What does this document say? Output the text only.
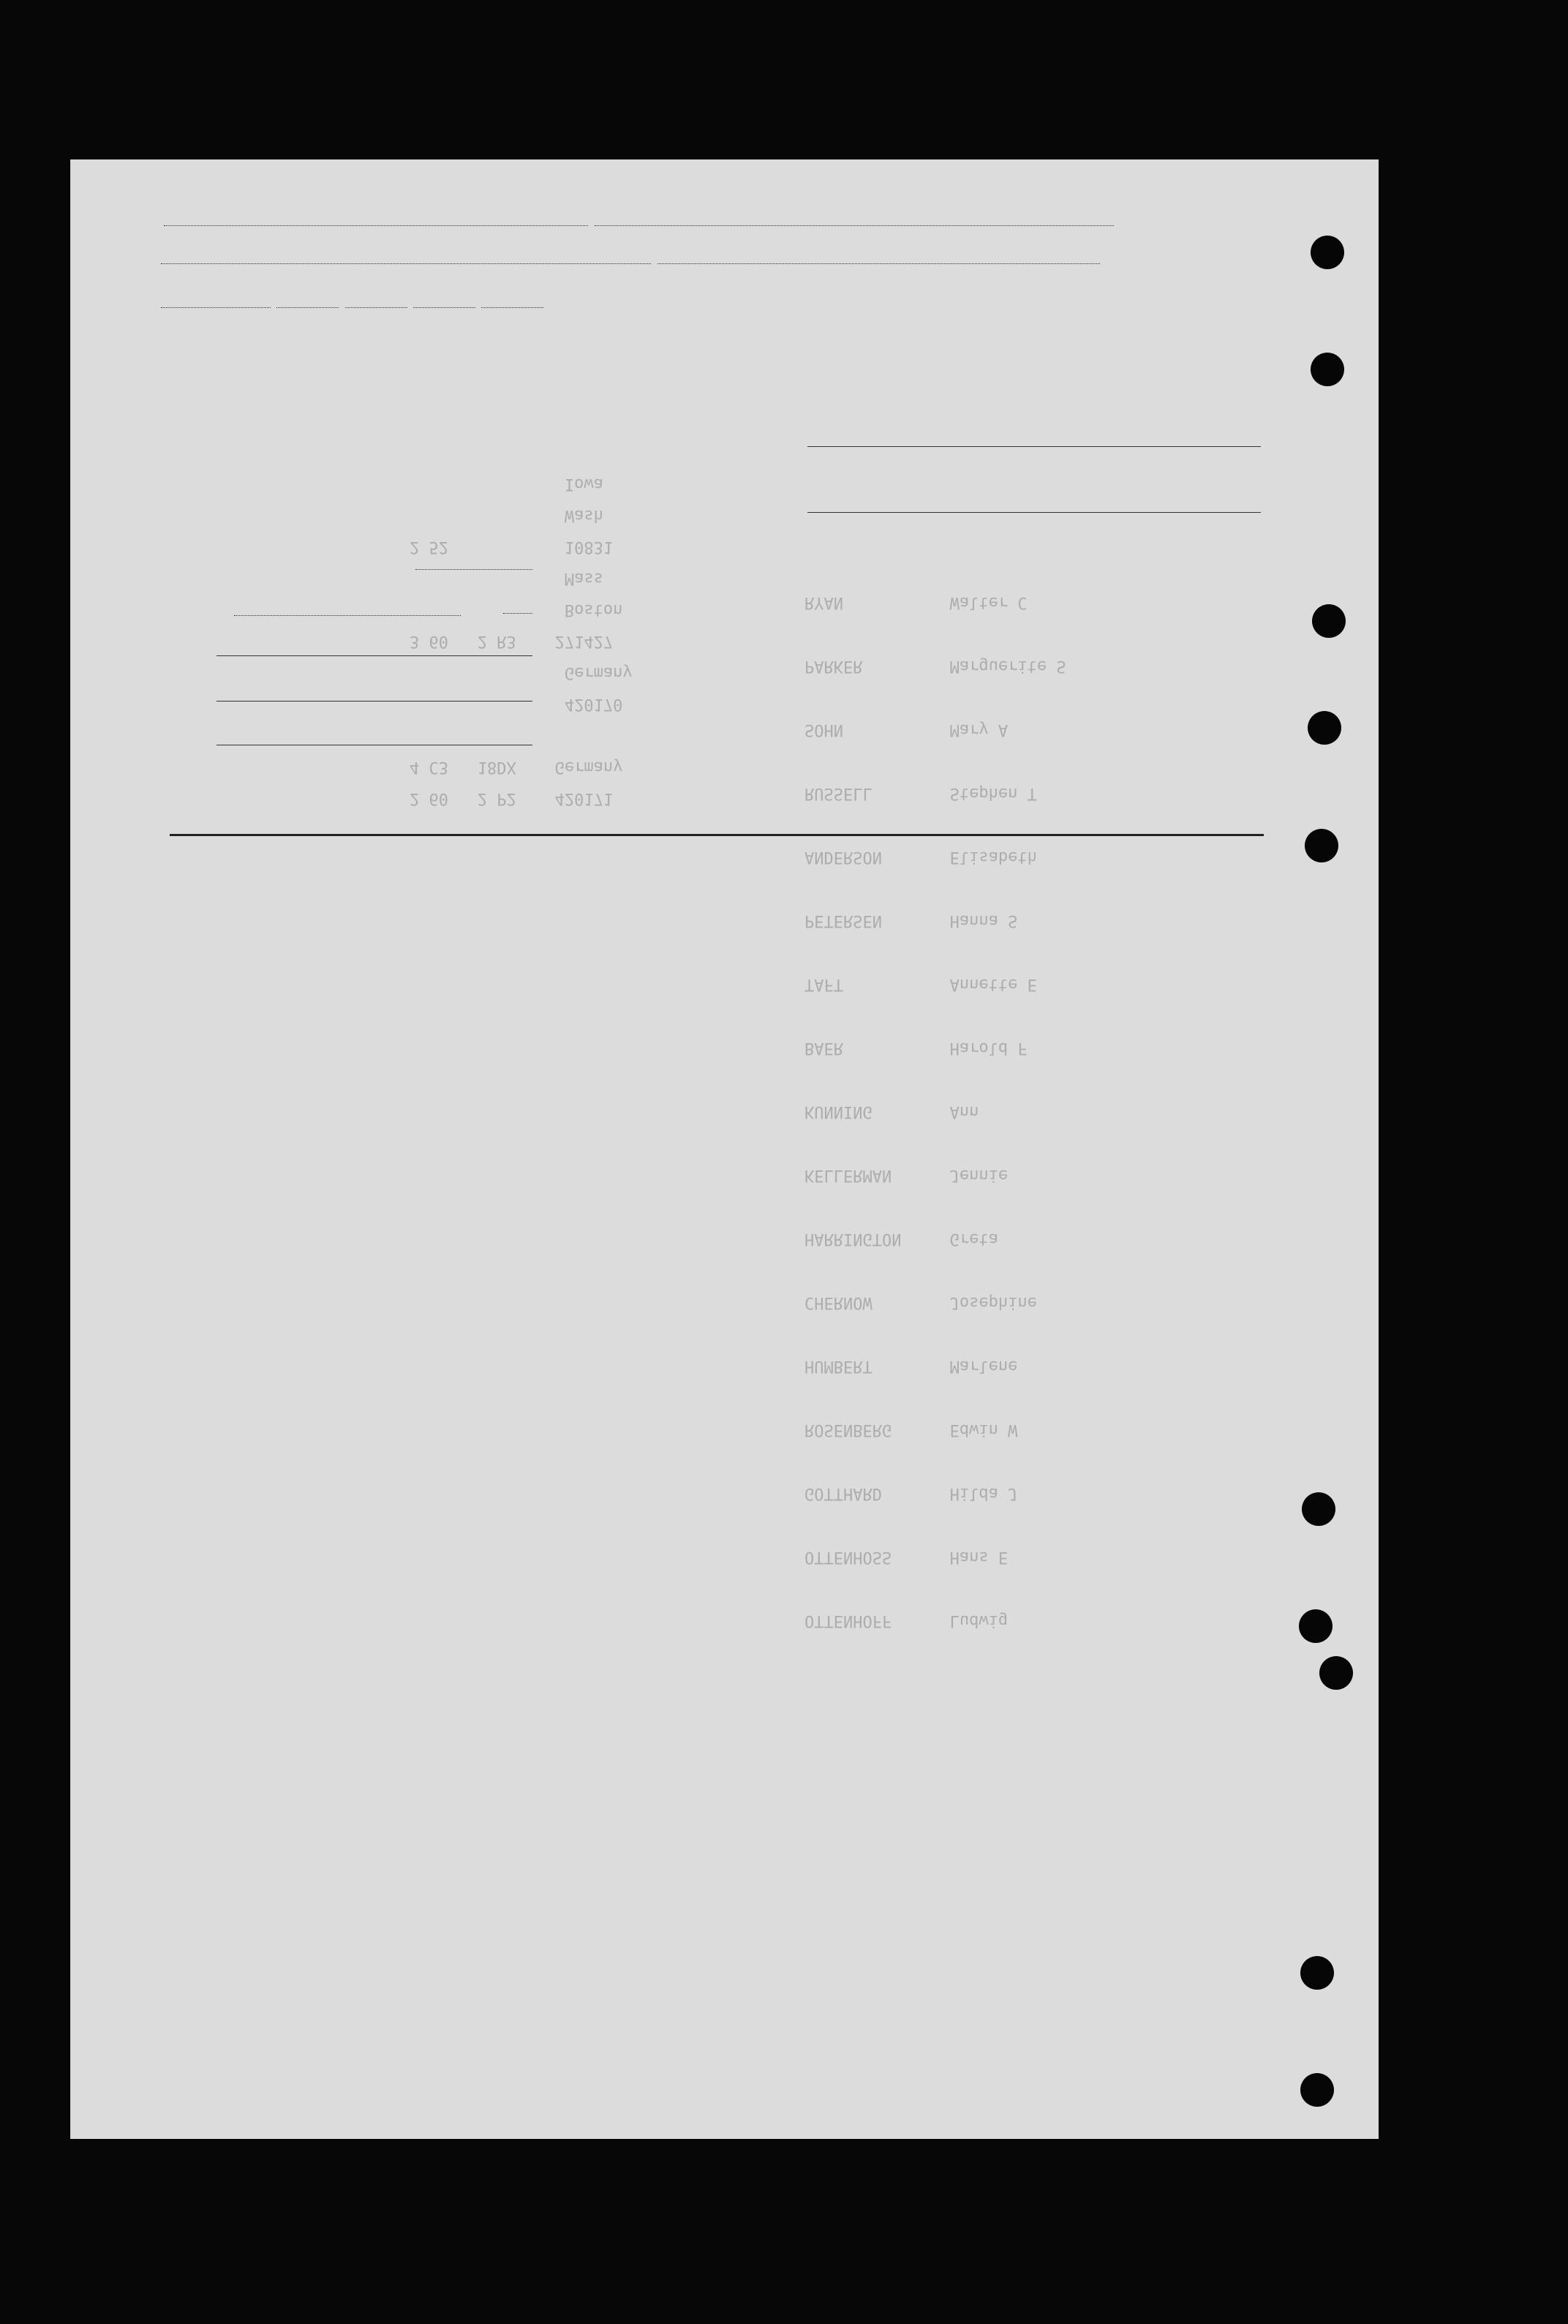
OTTENHOFF      Ludwig
OTTENHOSS      Hans E
GOTTHARD       Hilda J
ROSENBERG      Edwin W
HUMBERT        Marlene
CHERNOW        Josephine
HARRINGTON     Greta
KELLERMAN      Jennie
KUNNING        Ann
BAER           Harold F
TAFT           Annette E
PETERSEN       Hanna S
ANDERSON       Elisabeth
RUSSELL        Stephen T
SOHN           Mary A
PARKER         Marguerite S
RYAN           Walter C
2 60   2 P2    420171
4 C3   18DX    Germany

420170
Germany
3 60   2 R3    271427
Boston
Mass
2 52            10831
Wash
Iowa
